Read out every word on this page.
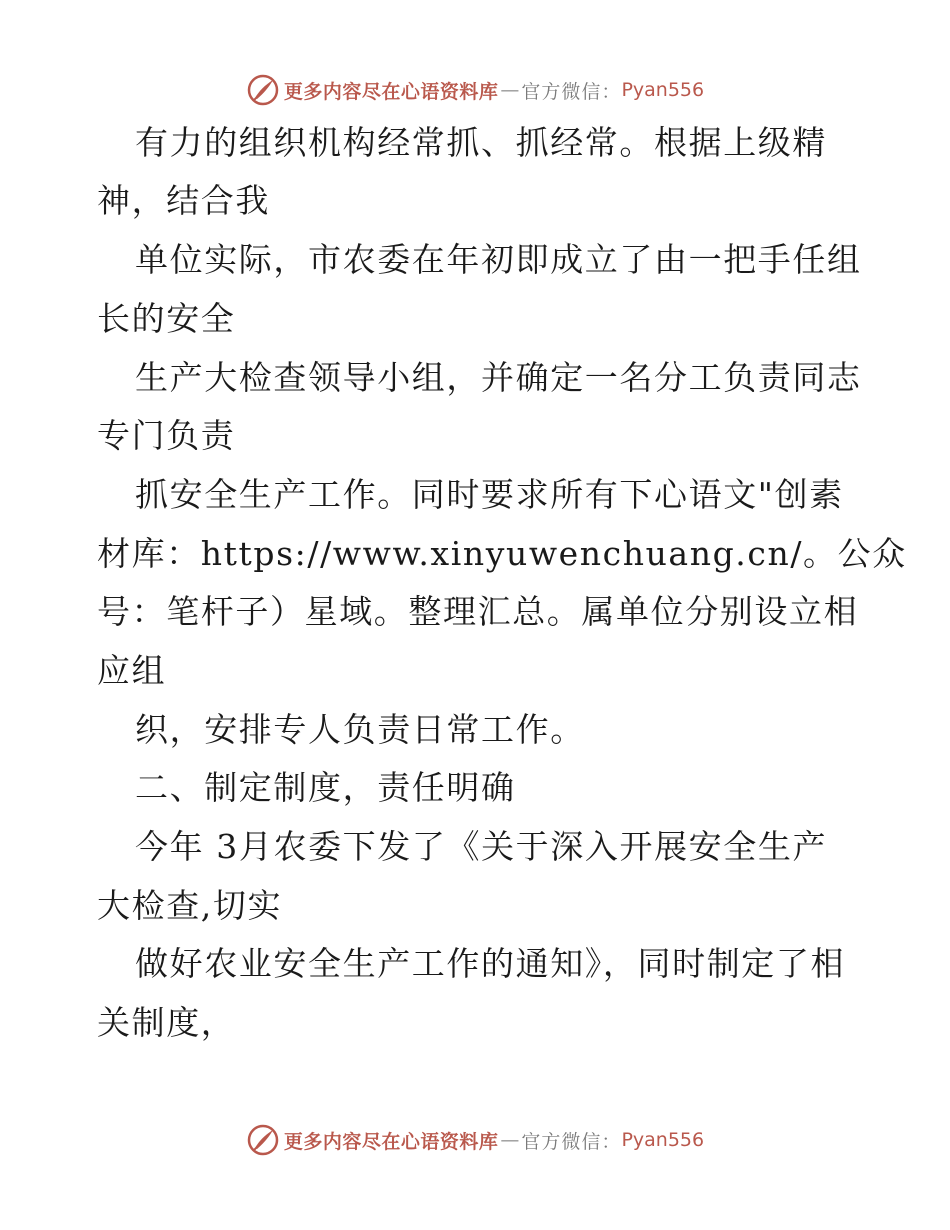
更多内容尽在心语资料库 — 官方微信： Pyan556
有力的组织机构经常抓、抓经常。根据上级精
神，结合我
单位实际，市农委在年初即成立了由一把手任组
长的安全
生产大检查领导小组，并确定一名分工负责同志
专门负责
抓安全生产工作。同时要求所有下心语文"创素
材库：https://www.xinyuwenchuang.cn/。公众
号：笔杆子）星域。整理汇总。属单位分别设立相
应组
织，安排专人负责日常工作。
二、制定制度，责任明确
今年 3月农委下发了《关于深入开展安全生产
大检查,切实
做好农业安全生产工作的通知》，同时制定了相
关制度，
更多内容尽在心语资料库 — 官方微信： Pyan556
